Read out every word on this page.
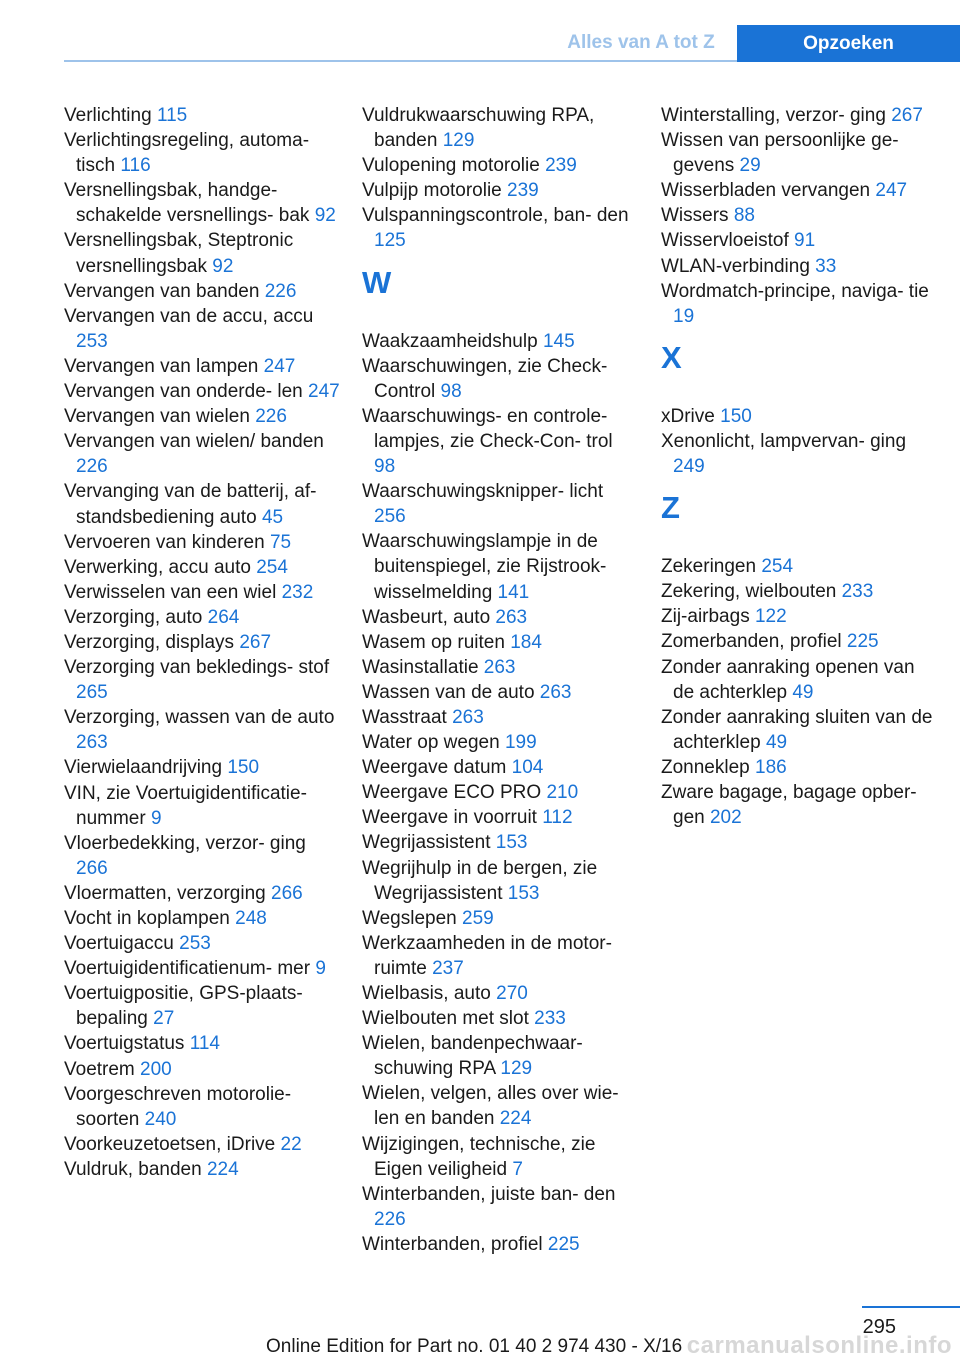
Alles van A tot Z	Opzoeken
Verlichting 115
Verlichtingsregeling, automa‐ tisch 116
Versnellingsbak, handge‐ schakelde versnellings‐ bak 92
Versnellingsbak, Steptronic versnellingsbak 92
Vervangen van banden 226
Vervangen van de accu, accu 253
Vervangen van lampen 247
Vervangen van onderde‐ len 247
Vervangen van wielen 226
Vervangen van wielen/ banden 226
Vervanging van de batterij, af‐ standsbediening auto 45
Vervoeren van kinderen 75
Verwerking, accu auto 254
Verwisselen van een wiel 232
Verzorging, auto 264
Verzorging, displays 267
Verzorging van bekledings‐ stof 265
Verzorging, wassen van de auto 263
Vierwielaandrijving 150
VIN, zie Voertuigidentificatie‐ nummer 9
Vloerbedekking, verzor‐ ging 266
Vloermatten, verzorging 266
Vocht in koplampen 248
Voertuigaccu 253
Voertuigidentificatienum‐ mer 9
Voertuigpositie, GPS-plaats‐ bepaling 27
Voertuigstatus 114
Voetrem 200
Voorgeschreven motorolie‐ soorten 240
Voorkeuzetoetsen, iDrive 22
Vuldruk, banden 224
Vuldrukwaarschuwing RPA, banden 129
Vulopening motorolie 239
Vulpijp motorolie 239
Vulspanningscontrole, ban‐ den 125
W
Waakzaamheidshulp 145
Waarschuwingen, zie Check- Control 98
Waarschuwings- en controle‐ lampjes, zie Check-Con‐ trol 98
Waarschuwingsknipper‐ licht 256
Waarschuwingslampje in de buitenspiegel, zie Rijstrook‐ wisselmelding 141
Wasbeurt, auto 263
Wasem op ruiten 184
Wasinstallatie 263
Wassen van de auto 263
Wasstraat 263
Water op wegen 199
Weergave datum 104
Weergave ECO PRO 210
Weergave in voorruit 112
Wegrijassistent 153
Wegrijhulp in de bergen, zie Wegrijassistent 153
Wegslepen 259
Werkzaamheden in de motor‐ ruimte 237
Wielbasis, auto 270
Wielbouten met slot 233
Wielen, bandenpechwaar‐ schuwing RPA 129
Wielen, velgen, alles over wie‐ len en banden 224
Wijzigingen, technische, zie Eigen veiligheid 7
Winterbanden, juiste ban‐ den 226
Winterbanden, profiel 225
Winterstalling, verzor‐ ging 267
Wissen van persoonlijke ge‐ gevens 29
Wisserbladen vervangen 247
Wissers 88
Wisservloeistof 91
WLAN-verbinding 33
Wordmatch-principe, naviga‐ tie 19
X
xDrive 150
Xenonlicht, lampvervan‐ ging 249
Z
Zekeringen 254
Zekering, wielbouten 233
Zij-airbags 122
Zomerbanden, profiel 225
Zonder aanraking openen van de achterklep 49
Zonder aanraking sluiten van de achterklep 49
Zonneklep 186
Zware bagage, bagage opber‐ gen 202
295
Online Edition for Part no. 01 40 2 974 430 - X/16 carmanualsonline.info
